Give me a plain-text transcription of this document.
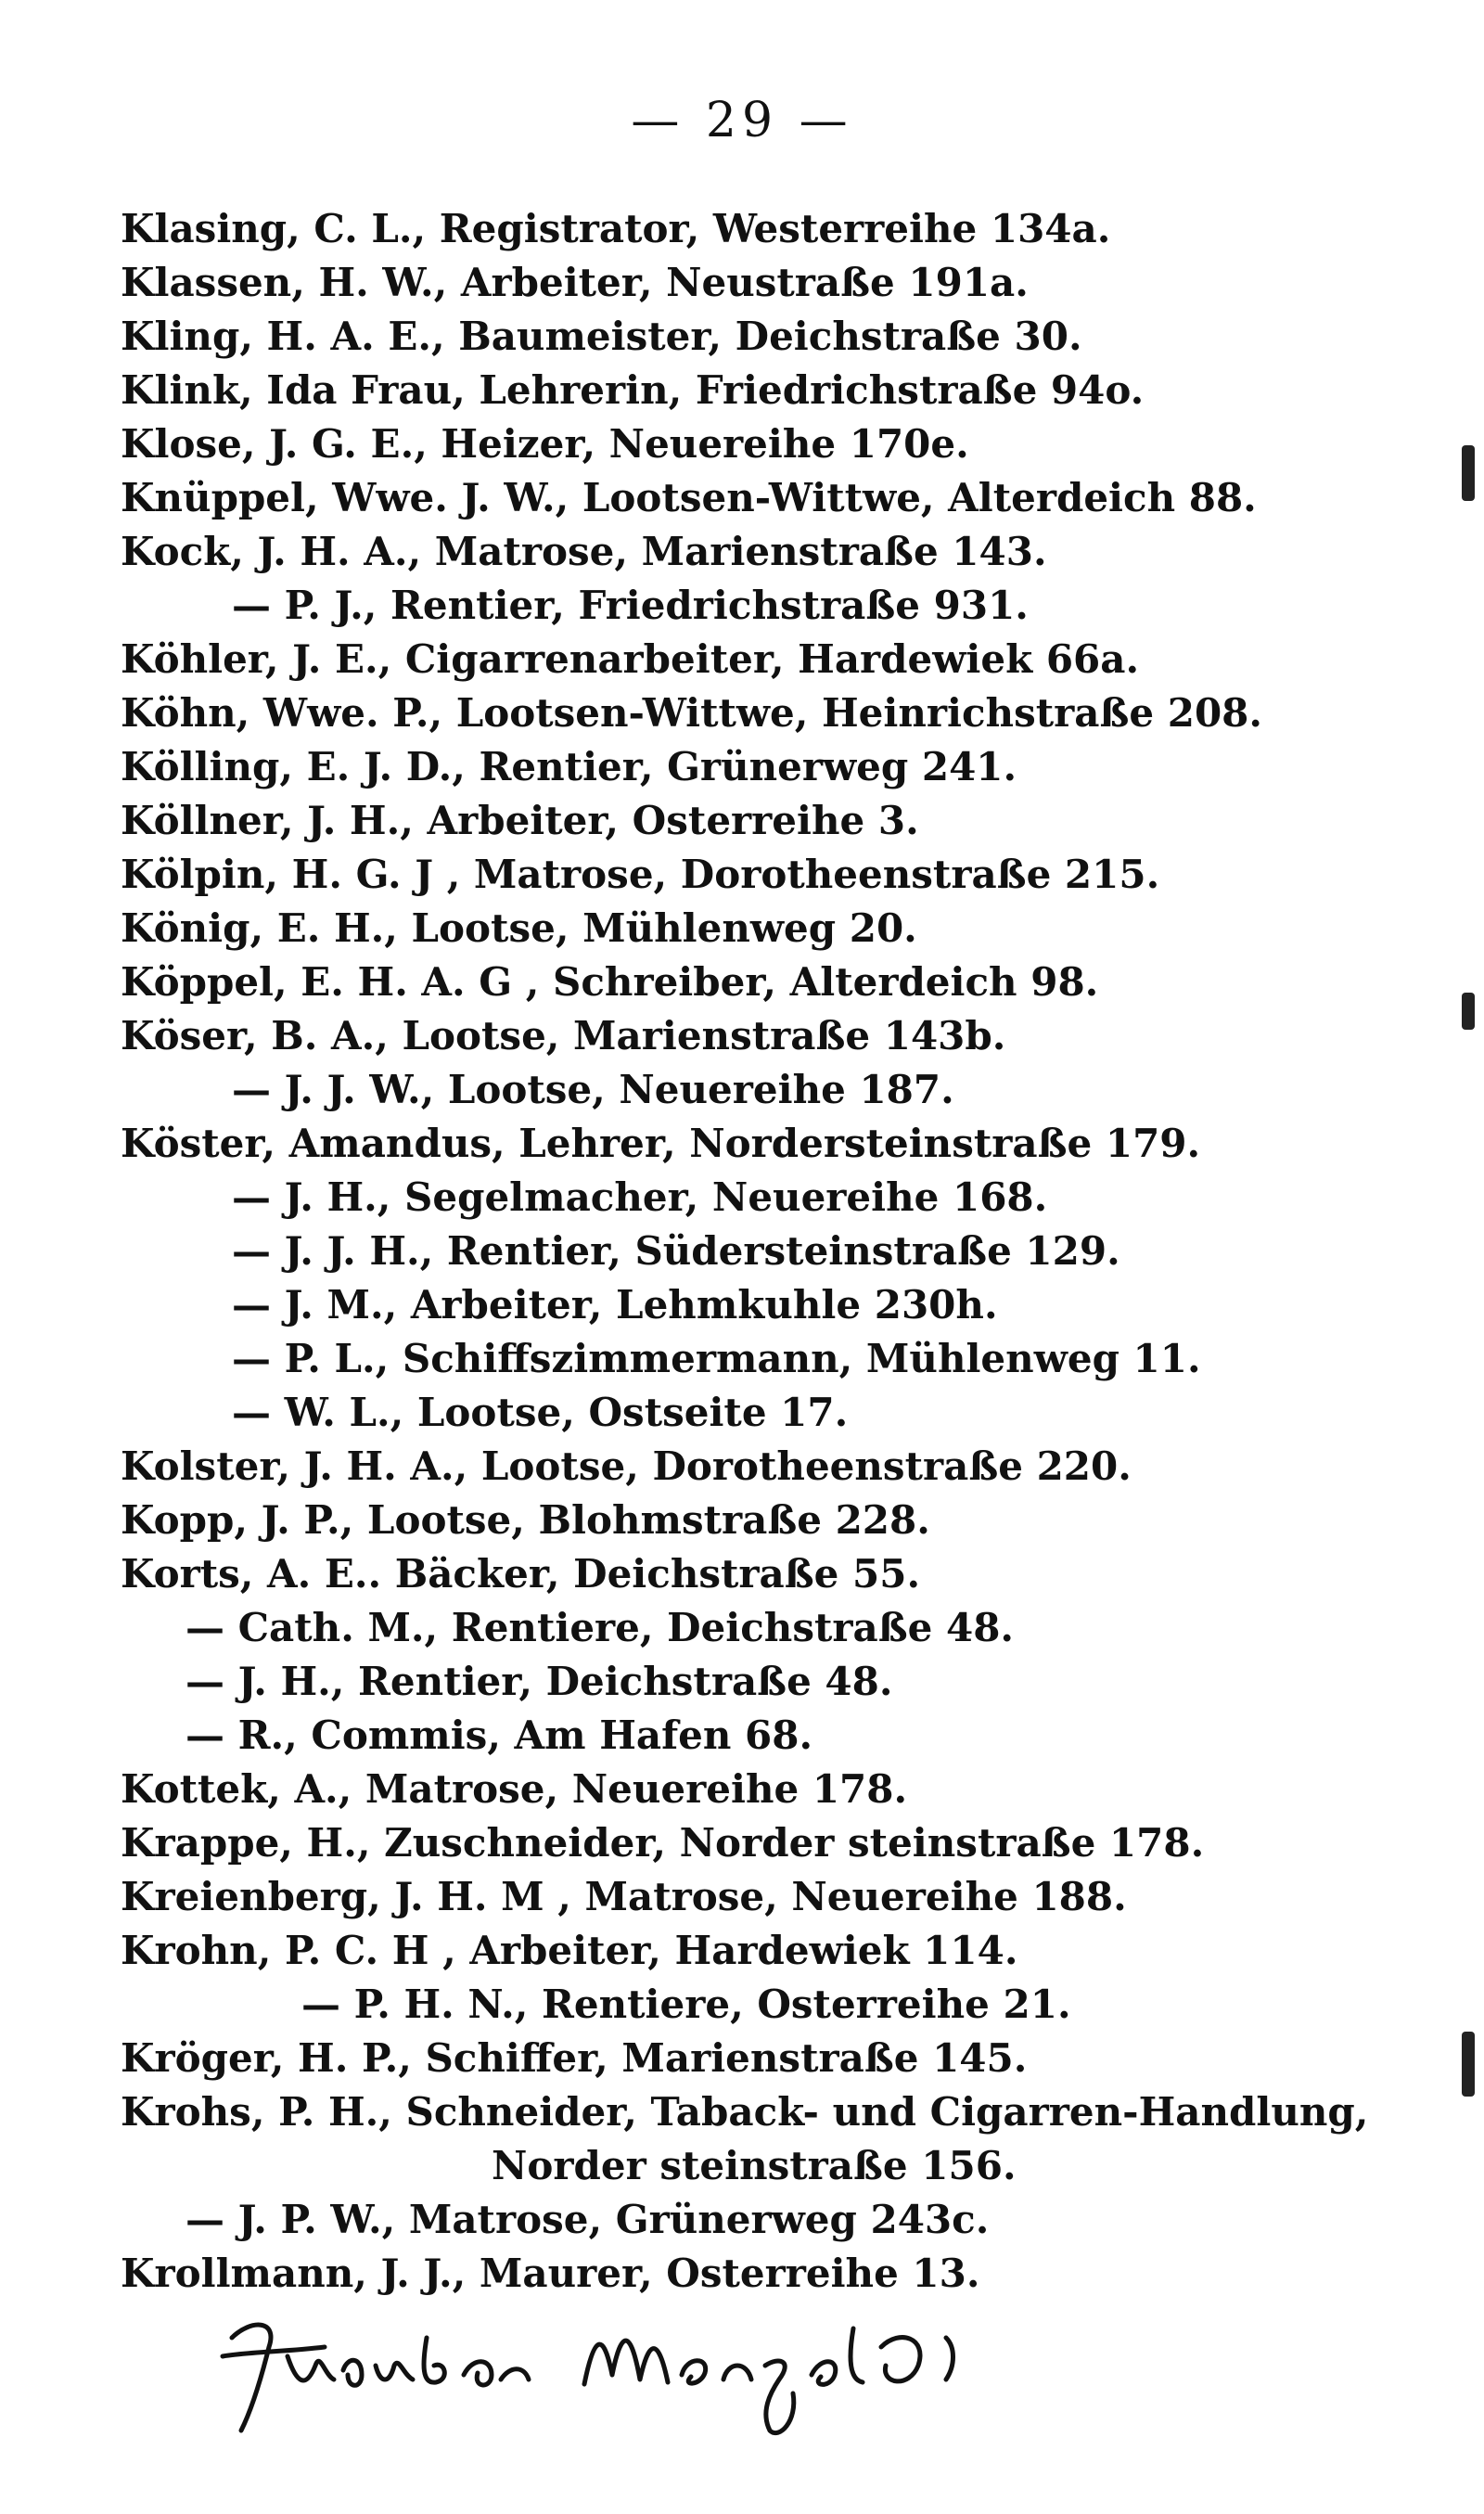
— 29 —
Klasing, C. L., Registrator, Westerreihe 134a.
Klassen, H. W., Arbeiter, Neustraße 191a.
Kling, H. A. E., Baumeister, Deichstraße 30.
Klink, Ida Frau, Lehrerin, Friedrichstraße 94o.
Klose, J. G. E., Heizer, Neuereihe 170e.
Knüppel, Wwe. J. W., Lootsen-Wittwe, Alterdeich 88.
Kock, J. H. A., Matrose, Marienstraße 143.
— P. J., Rentier, Friedrichstraße 931.
Köhler, J. E., Cigarrenarbeiter, Hardewiek 66a.
Köhn, Wwe. P., Lootsen-Wittwe, Heinrichstraße 208.
Kölling, E. J. D., Rentier, Grünerweg 241.
Köllner, J. H., Arbeiter, Osterreihe 3.
Kölpin, H. G. J , Matrose, Dorotheenstraße 215.
König, E. H., Lootse, Mühlenweg 20.
Köppel, E. H. A. G , Schreiber, Alterdeich 98.
Köser, B. A., Lootse, Marienstraße 143b.
— J. J. W., Lootse, Neuereihe 187.
Köster, Amandus, Lehrer, Nordersteinstraße 179.
— J. H., Segelmacher, Neuereihe 168.
— J. J. H., Rentier, Südersteinstraße 129.
— J. M., Arbeiter, Lehmkuhle 230h.
— P. L., Schiffszimmermann, Mühlenweg 11.
— W. L., Lootse, Ostseite 17.
Kolster, J. H. A., Lootse, Dorotheenstraße 220.
Kopp, J. P., Lootse, Blohmstraße 228.
Korts, A. E.. Bäcker, Deichstraße 55.
— Cath. M., Rentiere, Deichstraße 48.
— J. H., Rentier, Deichstraße 48.
— R., Commis, Am Hafen 68.
Kottek, A., Matrose, Neuereihe 178.
Krappe, H., Zuschneider, Norder steinstraße 178.
Kreienberg, J. H. M , Matrose, Neuereihe 188.
Krohn, P. C. H , Arbeiter, Hardewiek 114.
— P. H. N., Rentiere, Osterreihe 21.
Kröger, H. P., Schiffer, Marienstraße 145.
Krohs, P. H., Schneider, Taback- und Cigarren-Handlung,
Norder steinstraße 156.
— J. P. W., Matrose, Grünerweg 243c.
Krollmann, J. J., Maurer, Osterreihe 13.
